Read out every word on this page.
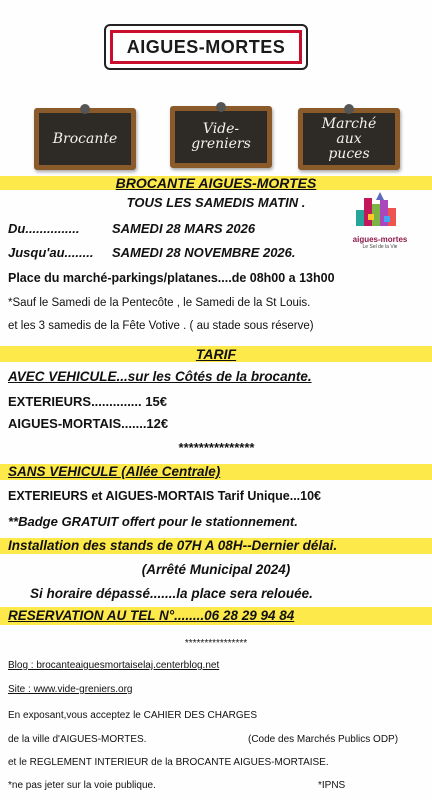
AIGUES-MORTES
Brocante
Vide-greniers
Marché aux puces
BROCANTE AIGUES-MORTES
TOUS LES SAMEDIS MATIN .
aigues-mortes
Le Sel de la Vie
Du............... SAMEDI 28 MARS 2026
Jusqu'au........ SAMEDI 28 NOVEMBRE 2026.
Place du marché-parkings/platanes....de 08h00 a 13h00
*Sauf le Samedi de la Pentecôte , le Samedi de la St Louis.
et les 3 samedis de la Fête Votive . ( au stade sous réserve)
TARIF
AVEC VEHICULE...sur les Côtés de la brocante.
EXTERIEURS.............. 15€
AIGUES-MORTAIS.......12€
***************
SANS VEHICULE (Allée Centrale)
EXTERIEURS et AIGUES-MORTAIS Tarif Unique...10€
**Badge GRATUIT offert pour le stationnement.
Installation des stands de 07H A 08H--Dernier délai.
(Arrêté Municipal 2024)
Si horaire dépassé.......la place sera relouée.
RESERVATION AU TEL N°........06 28 29 94 84
****************
Blog : brocanteaiguesmortaiselaj.centerblog.net
Site : www.vide-greniers.org
En exposant,vous acceptez le CAHIER DES CHARGES
de la ville d'AIGUES-MORTES.	(Code des Marchés Publics ODP)
et le REGLEMENT INTERIEUR de la BROCANTE AIGUES-MORTAISE.
*ne pas jeter sur la voie publique.	*IPNS
